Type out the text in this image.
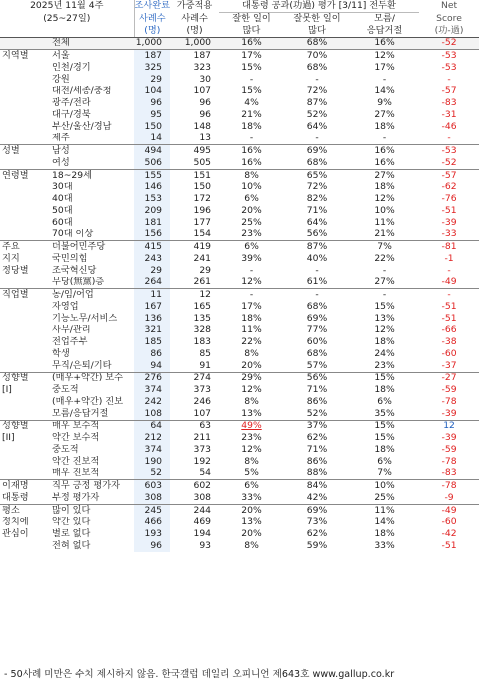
2025년 11월 4주		조사완료	가중적용	대통령 공과(功過) 평가 [3/11] 전두환			Net
(25~27일)		사례수	사례수	잘한 일이	잘못한 일이	모름/	Score
		(명)	(명)	많다	많다	응답거절	(功-過)
	전체	1,000	1,000	16%	68%	16%	-52
지역별	서울	187	187	17%	70%	12%	-53
	인천/경기	325	323	15%	68%	17%	-53
	강원	29	30	-	-	-	-
	대전/세종/충청	104	107	15%	72%	14%	-57
	광주/전라	96	96	4%	87%	9%	-83
	대구/경북	95	96	21%	52%	27%	-31
	부산/울산/경남	150	148	18%	64%	18%	-46
	제주	14	13	-	-	-	-
성별	남성	494	495	16%	69%	16%	-53
	여성	506	505	16%	68%	16%	-52
연령별	18~29세	155	151	8%	65%	27%	-57
	30대	146	150	10%	72%	18%	-62
	40대	153	172	6%	82%	12%	-76
	50대	209	196	20%	71%	10%	-51
	60대	181	177	25%	64%	11%	-39
	70대 이상	156	154	23%	56%	21%	-33
주요	더불어민주당	415	419	6%	87%	7%	-81
지지	국민의힘	243	241	39%	40%	22%	-1
정당별	조국혁신당	29	29	-	-	-	-
	무당(無黨)층	264	261	12%	61%	27%	-49
직업별	농/임/어업	11	12	-	-	-	-
	자영업	167	165	17%	68%	15%	-51
	기능노무/서비스	136	135	18%	69%	13%	-51
	사무/관리	321	328	11%	77%	12%	-66
	전업주부	185	183	22%	60%	18%	-38
	학생	86	85	8%	68%	24%	-60
	무직/은퇴/기타	94	91	20%	57%	23%	-37
성향별	(매우+약간) 보수	276	274	29%	56%	15%	-27
[I]	중도적	374	373	12%	71%	18%	-59
	(매우+약간) 진보	242	246	8%	86%	6%	-78
	모름/응답거절	108	107	13%	52%	35%	-39
성향별	매우 보수적	64	63	49%	37%	15%	12
[II]	약간 보수적	212	211	23%	62%	15%	-39
	중도적	374	373	12%	71%	18%	-59
	약간 진보적	190	192	8%	86%	6%	-78
	매우 진보적	52	54	5%	88%	7%	-83
이재명	직무 긍정 평가자	603	602	6%	84%	10%	-78
대통령	부정 평가자	308	308	33%	42%	25%	-9
평소	많이 있다	245	244	20%	69%	11%	-49
정치에	약간 있다	466	469	13%	73%	14%	-60
관심이	별로 없다	193	194	20%	62%	18%	-42
	전혀 없다	96	93	8%	59%	33%	-51
- 50사례 미만은 수치 제시하지 않음. 한국갤럽 데일리 오피니언 제643호 www.gallup.co.kr
